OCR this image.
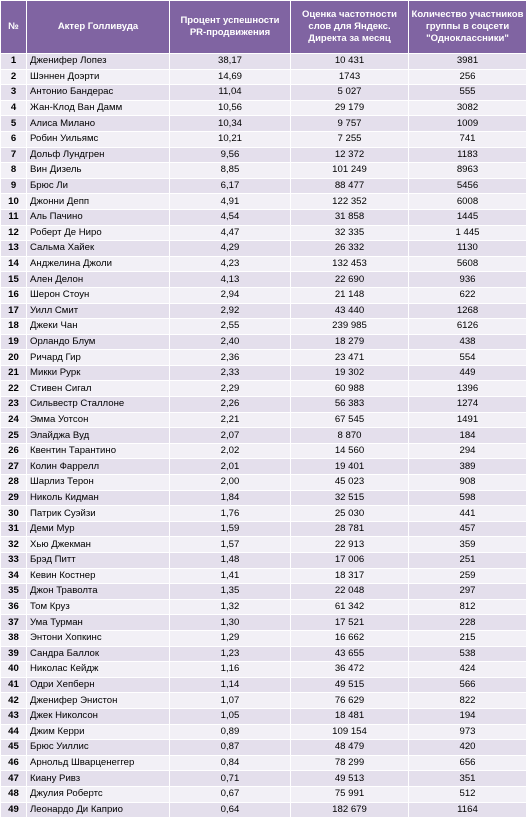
№	Актер Голливуда	Процент успешности PR-продвижения	Оценка частотности слов для Яндекс. Директа за месяц	Количество участников группы в соцсети "Одноклассники"
1	Дженифер Лопез	38,17	10 431	3981
2	Шэннен Доэрти	14,69	1743	256
3	Антонио Бандерас	11,04	5 027	555
4	Жан-Клод Ван Дамм	10,56	29 179	3082
5	Алиса Милано	10,34	9 757	1009
6	Робин Уильямс	10,21	7 255	741
7	Дольф Лундгрен	9,56	12 372	1183
8	Вин Дизель	8,85	101 249	8963
9	Брюс Ли	6,17	88 477	5456
10	Джонни Депп	4,91	122 352	6008
11	Аль Пачино	4,54	31 858	1445
12	Роберт Де Ниро	4,47	32 335	1 445
13	Сальма Хайек	4,29	26 332	1130
14	Анджелина Джоли	4,23	132 453	5608
15	Ален Делон	4,13	22 690	936
16	Шерон Стоун	2,94	21 148	622
17	Уилл Смит	2,92	43 440	1268
18	Джеки Чан	2,55	239 985	6126
19	Орландо Блум	2,40	18 279	438
20	Ричард Гир	2,36	23 471	554
21	Микки Рурк	2,33	19 302	449
22	Стивен Сигал	2,29	60 988	1396
23	Сильвестр Сталлоне	2,26	56 383	1274
24	Эмма Уотсон	2,21	67 545	1491
25	Элайджа Вуд	2,07	8 870	184
26	Квентин Тарантино	2,02	14 560	294
27	Колин Фаррелл	2,01	19 401	389
28	Шарлиз Терон	2,00	45 023	908
29	Николь Кидман	1,84	32 515	598
30	Патрик Суэйзи	1,76	25 030	441
31	Деми Мур	1,59	28 781	457
32	Хью Джекман	1,57	22 913	359
33	Брэд Питт	1,48	17 006	251
34	Кевин Костнер	1,41	18 317	259
35	Джон Траволта	1,35	22 048	297
36	Том Круз	1,32	61 342	812
37	Ума Турман	1,30	17 521	228
38	Энтони Хопкинс	1,29	16 662	215
39	Сандра Баллок	1,23	43 655	538
40	Николас Кейдж	1,16	36 472	424
41	Одри Хепберн	1,14	49 515	566
42	Дженифер Энистон	1,07	76 629	822
43	Джек Николсон	1,05	18 481	194
44	Джим Керри	0,89	109 154	973
45	Брюс Уиллис	0,87	48 479	420
46	Арнольд Шварценеггер	0,84	78 299	656
47	Киану Ривз	0,71	49 513	351
48	Джулия Робертс	0,67	75 991	512
49	Леонардо Ди Каприо	0,64	182 679	1164
